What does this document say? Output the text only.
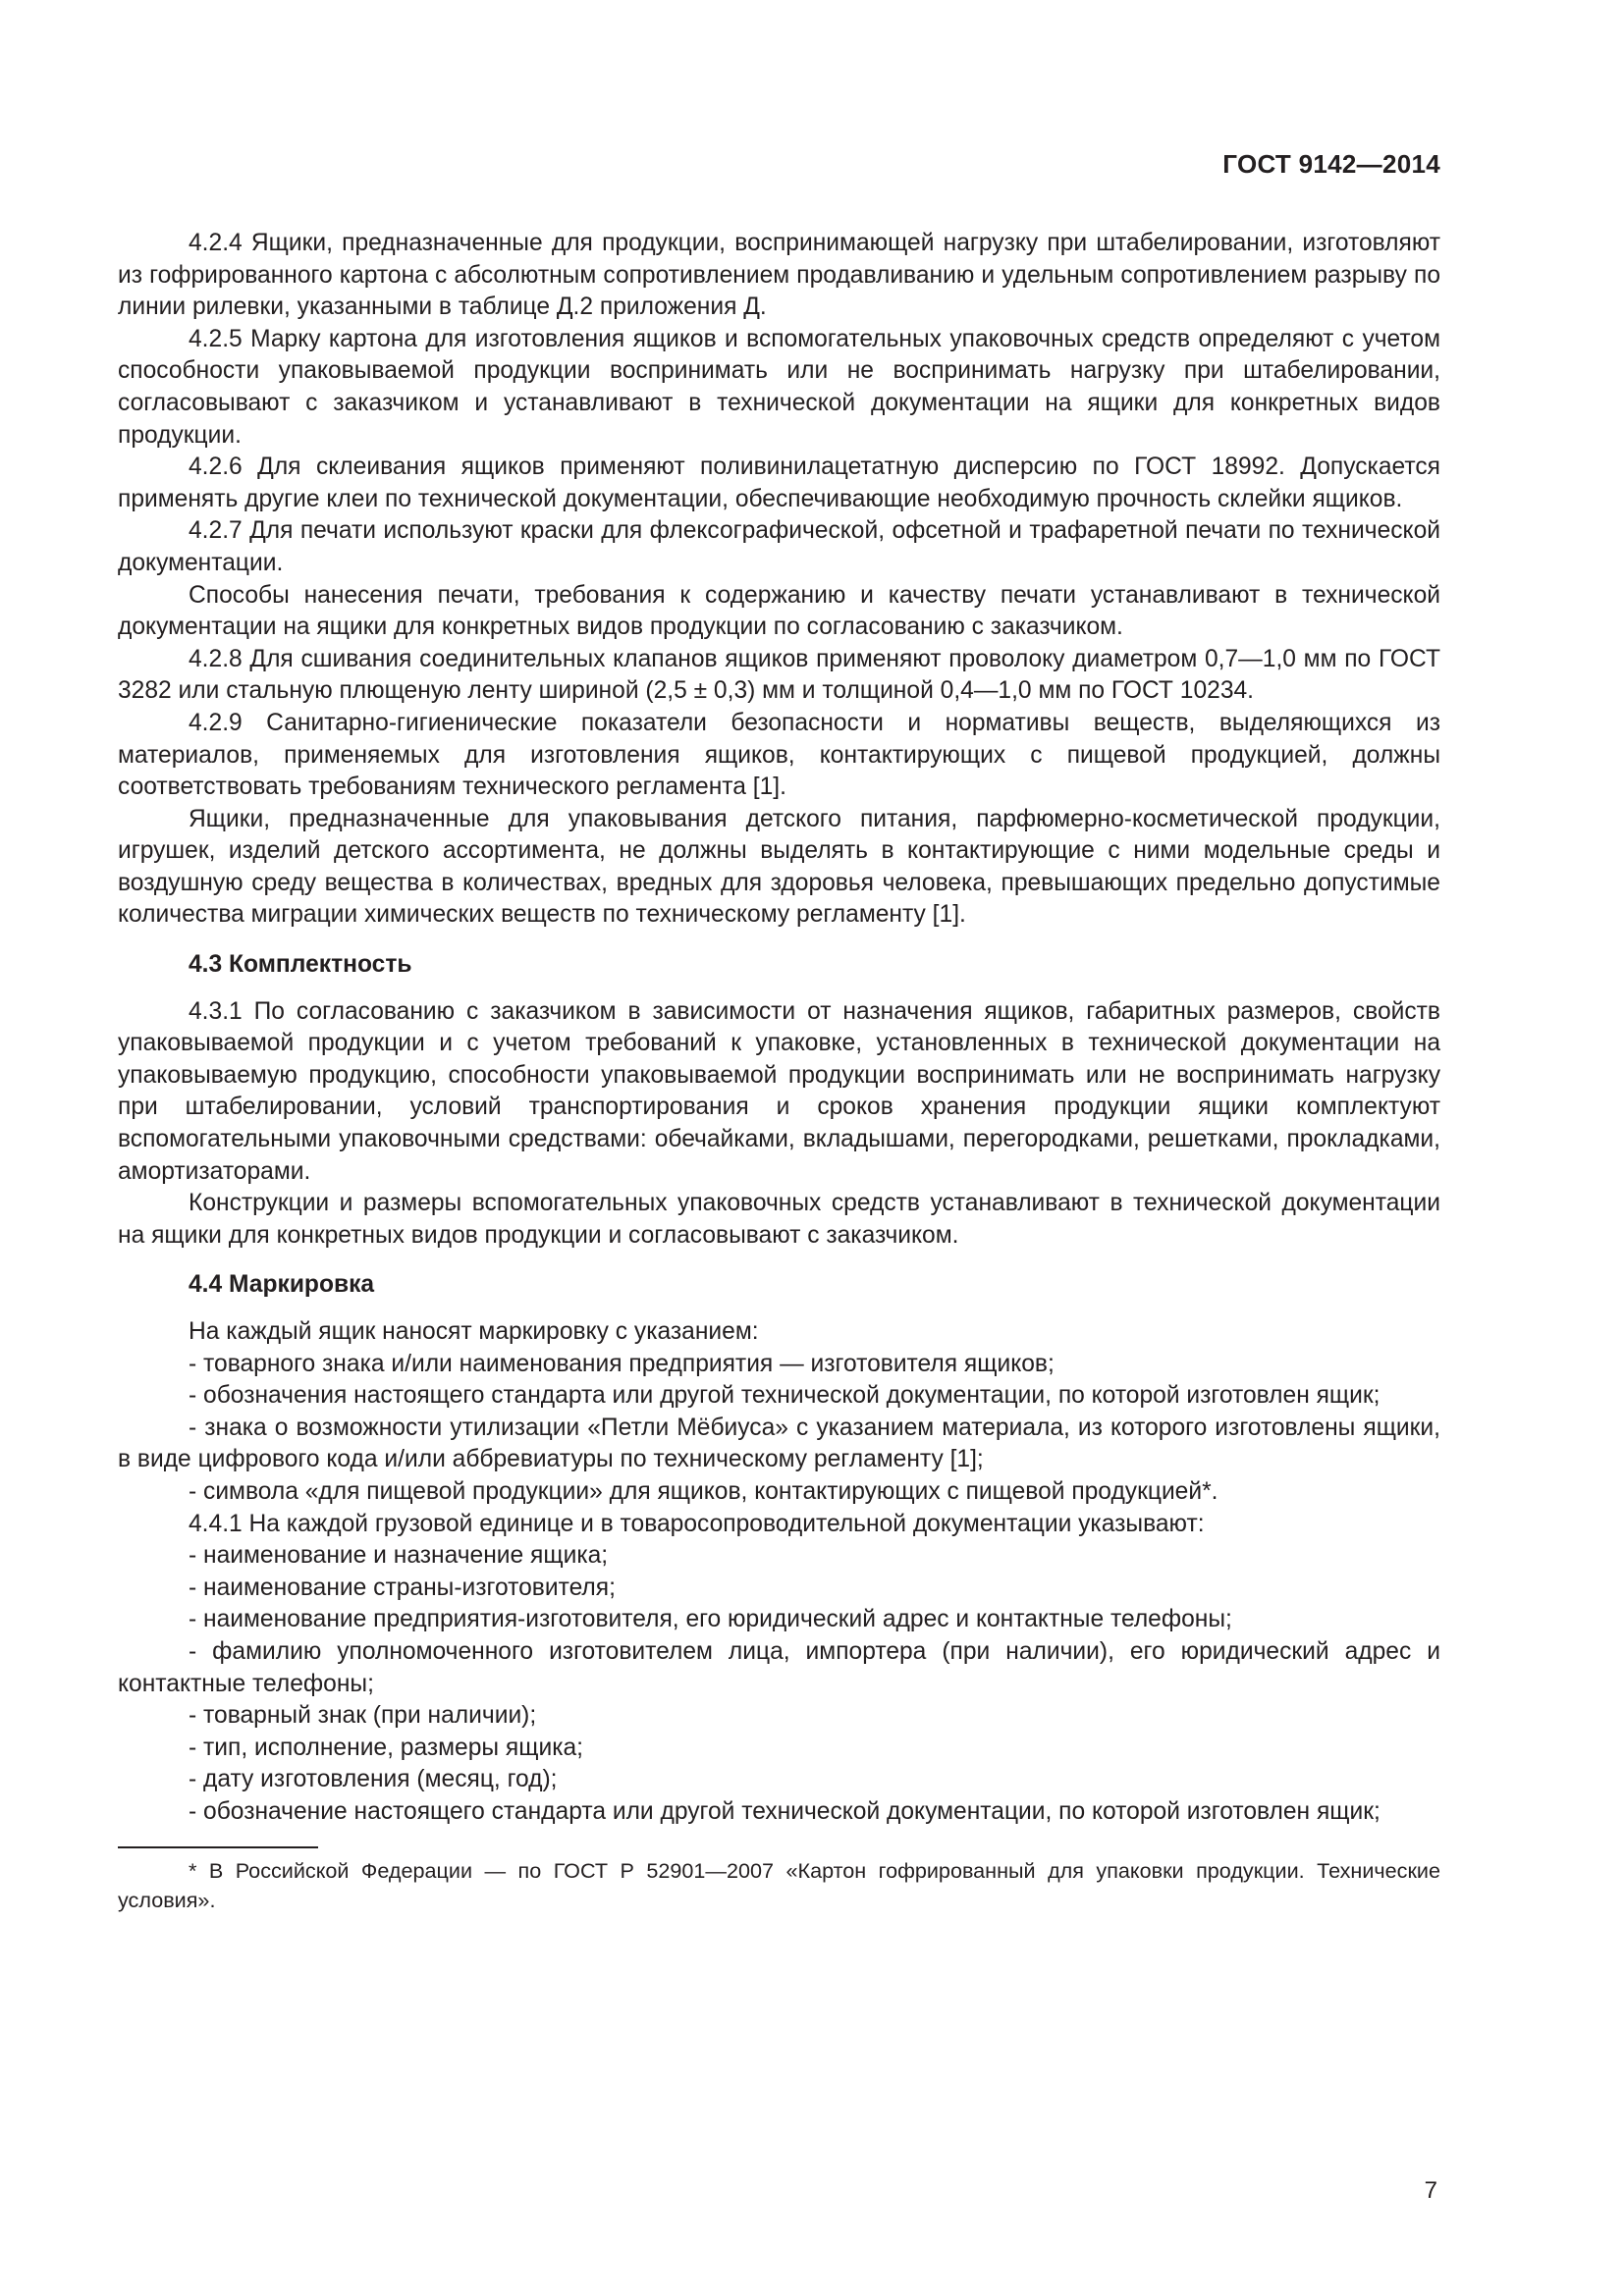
ГОСТ 9142—2014

4.2.4 Ящики, предназначенные для продукции, воспринимающей нагрузку при штабелировании, изготовляют из гофрированного картона с абсолютным сопротивлением продавливанию и удельным сопротивлением разрыву по линии рилевки, указанными в таблице Д.2 приложения Д.

4.2.5 Марку картона для изготовления ящиков и вспомогательных упаковочных средств определяют с учетом способности упаковываемой продукции воспринимать или не воспринимать нагрузку при штабелировании, согласовывают с заказчиком и устанавливают в технической документации на ящики для конкретных видов продукции.

4.2.6 Для склеивания ящиков применяют поливинилацетатную дисперсию по ГОСТ 18992. Допускается применять другие клеи по технической документации, обеспечивающие необходимую прочность склейки ящиков.

4.2.7 Для печати используют краски для флексографической, офсетной и трафаретной печати по технической документации.

Способы нанесения печати, требования к содержанию и качеству печати устанавливают в технической документации на ящики для конкретных видов продукции по согласованию с заказчиком.

4.2.8 Для сшивания соединительных клапанов ящиков применяют проволоку диаметром 0,7—1,0 мм по ГОСТ 3282 или стальную плющеную ленту шириной (2,5 ± 0,3) мм и толщиной 0,4—1,0 мм по ГОСТ 10234.

4.2.9 Санитарно-гигиенические показатели безопасности и нормативы веществ, выделяющихся из материалов, применяемых для изготовления ящиков, контактирующих с пищевой продукцией, должны соответствовать требованиям технического регламента [1].

Ящики, предназначенные для упаковывания детского питания, парфюмерно-косметической продукции, игрушек, изделий детского ассортимента, не должны выделять в контактирующие с ними модельные среды и воздушную среду вещества в количествах, вредных для здоровья человека, превышающих предельно допустимые количества миграции химических веществ по техническому регламенту [1].

4.3 Комплектность

4.3.1 По согласованию с заказчиком в зависимости от назначения ящиков, габаритных размеров, свойств упаковываемой продукции и с учетом требований к упаковке, установленных в технической документации на упаковываемую продукцию, способности упаковываемой продукции воспринимать или не воспринимать нагрузку при штабелировании, условий транспортирования и сроков хранения продукции ящики комплектуют вспомогательными упаковочными средствами: обечайками, вкладышами, перегородками, решетками, прокладками, амортизаторами.

Конструкции и размеры вспомогательных упаковочных средств устанавливают в технической документации на ящики для конкретных видов продукции и согласовывают с заказчиком.

4.4 Маркировка

На каждый ящик наносят маркировку с указанием:

- товарного знака и/или наименования предприятия — изготовителя ящиков;

- обозначения настоящего стандарта или другой технической документации, по которой изготовлен ящик;

- знака о возможности утилизации «Петли Мёбиуса» с указанием материала, из которого изготовлены ящики, в виде цифрового кода и/или аббревиатуры по техническому регламенту [1];

- символа «для пищевой продукции» для ящиков, контактирующих с пищевой продукцией*.

4.4.1 На каждой грузовой единице и в товаросопроводительной документации указывают:

- наименование и назначение ящика;

- наименование страны-изготовителя;

- наименование предприятия-изготовителя, его юридический адрес и контактные телефоны;

- фамилию уполномоченного изготовителем лица, импортера (при наличии), его юридический адрес и контактные телефоны;

- товарный знак (при наличии);

- тип, исполнение, размеры ящика;

- дату изготовления (месяц, год);

- обозначение настоящего стандарта или другой технической документации, по которой изготовлен ящик;

* В Российской Федерации — по ГОСТ Р 52901—2007 «Картон гофрированный для упаковки продукции. Технические условия».

7
